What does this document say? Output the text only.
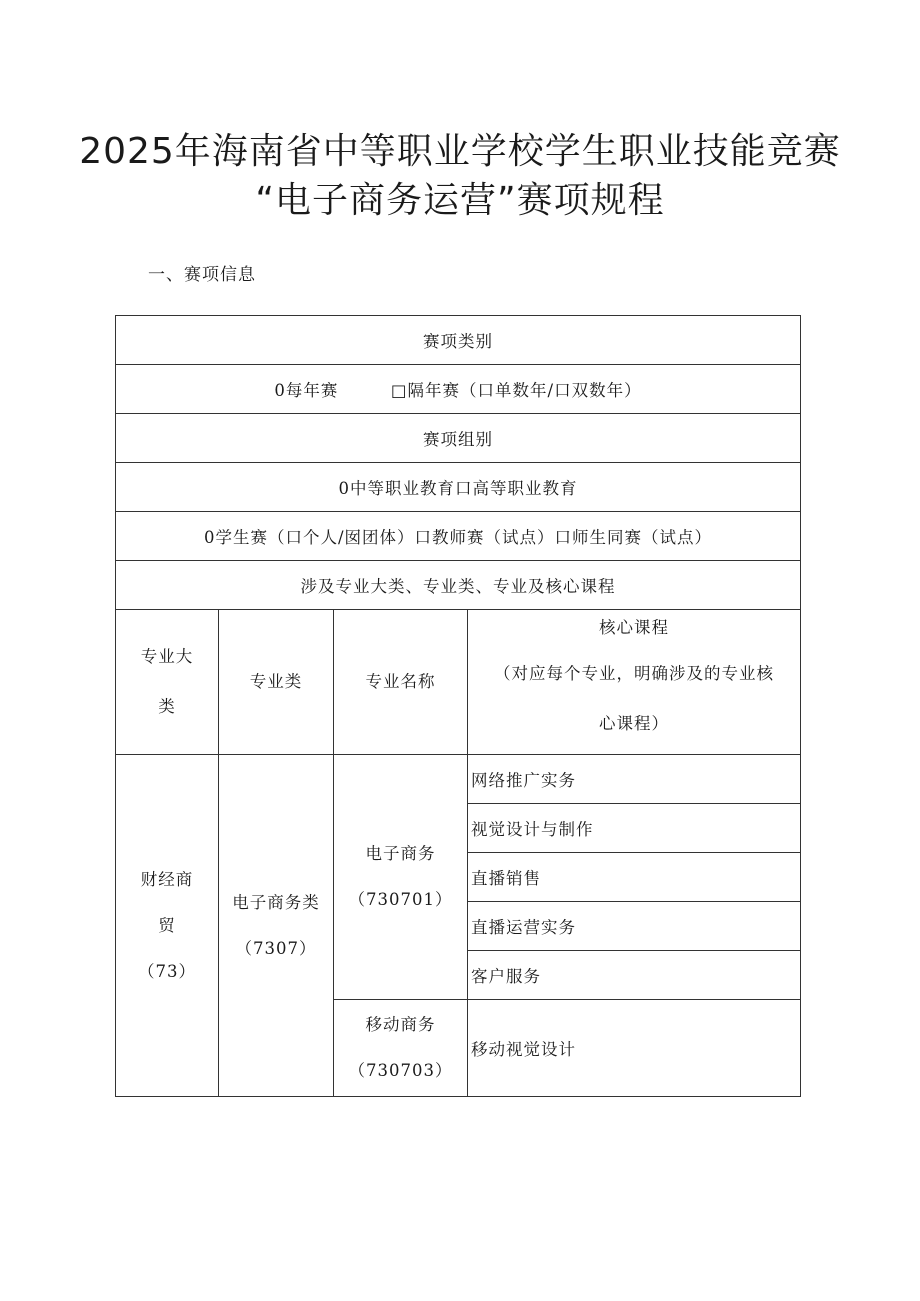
2025年海南省中等职业学校学生职业技能竞赛
“电子商务运营”赛项规程
一、赛项信息
赛项类别			
0每年赛　　　□隔年赛（口单数年/口双数年）			
赛项组别			
0中等职业教育口高等职业教育			
0学生赛（口个人/囡团体）口教师赛（试点）口师生同赛（试点）			
涉及专业大类、专业类、专业及核心课程			

专业大类	专业类	专业名称	核心课程
（对应每个专业，明确涉及的专业核心课程）

财经商贸（73）	电子商务类（7307）	电子商务（730701）	网络推广实务
			视觉设计与制作
			直播销售
			直播运营实务
			客户服务

		移动商务（730703）	移动视觉设计
